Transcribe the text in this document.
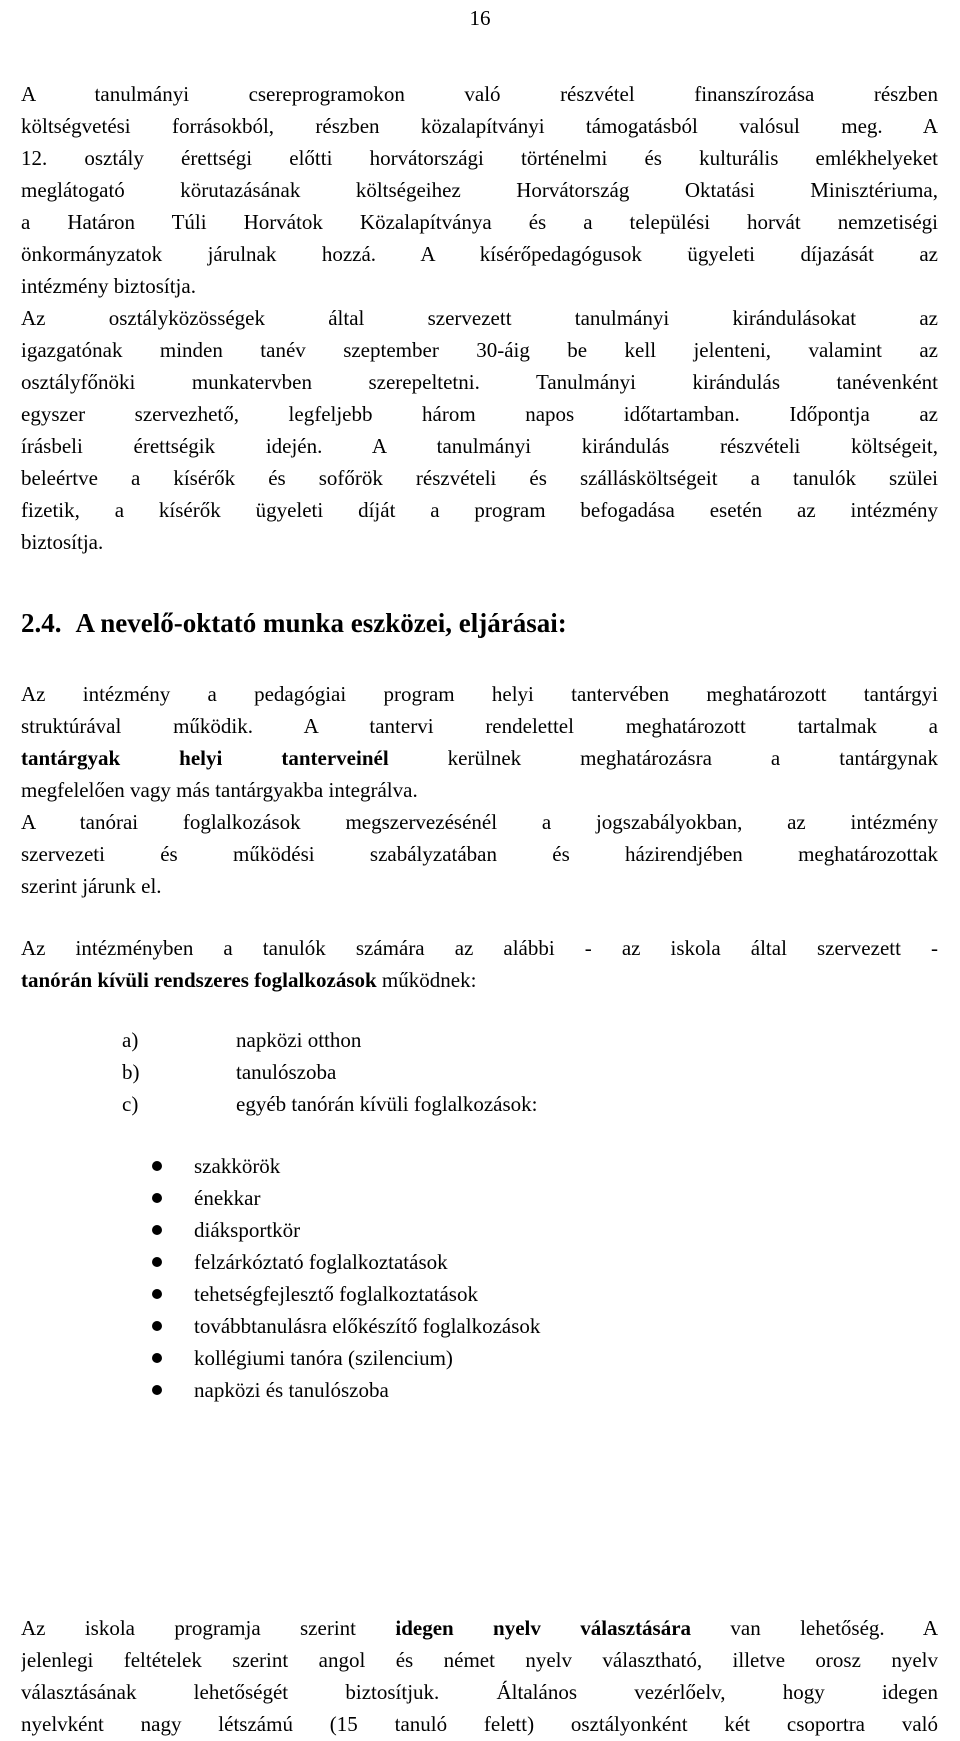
16
A tanulmányi csereprogramokon való részvétel finanszírozása részben
költségvetési forrásokból, részben közalapítványi támogatásból valósul meg. A
12. osztály érettségi előtti horvátországi történelmi és kulturális emlékhelyeket
meglátogató körutazásának költségeihez Horvátország Oktatási Minisztériuma,
a Határon Túli Horvátok Közalapítványa és a települési horvát nemzetiségi
önkormányzatok járulnak hozzá. A kísérőpedagógusok ügyeleti díjazását az
intézmény biztosítja.
Az osztályközösségek által szervezett tanulmányi kirándulásokat az
igazgatónak minden tanév szeptember 30-áig be kell jelenteni, valamint az
osztályfőnöki munkatervben szerepeltetni. Tanulmányi kirándulás tanévenként
egyszer szervezhető, legfeljebb három napos időtartamban. Időpontja az
írásbeli érettségik idején. A tanulmányi kirándulás részvételi költségeit,
beleértve a kísérők és sofőrök részvételi és szállásköltségeit a tanulók szülei
fizetik, a kísérők ügyeleti díját a program befogadása esetén az intézmény
biztosítja.
2.4. A nevelő-oktató munka eszközei, eljárásai:
Az intézmény a pedagógiai program helyi tantervében meghatározott tantárgyi
struktúrával működik. A tantervi rendelettel meghatározott tartalmak a
tantárgyak helyi tanterveinél kerülnek meghatározásra a tantárgynak
megfelelően vagy más tantárgyakba integrálva.
A tanórai foglalkozások megszervezésénél a jogszabályokban, az intézmény
szervezeti és működési szabályzatában és házirendjében meghatározottak
szerint járunk el.
Az intézményben a tanulók számára az alábbi - az iskola által szervezett -
tanórán kívüli rendszeres foglalkozások működnek:
a)	napközi otthon
b)	tanulószoba
c)	egyéb tanórán kívüli foglalkozások:
szakkörök
énekkar
diáksportkör
felzárkóztató foglalkoztatások
tehetségfejlesztő foglalkoztatások
továbbtanulásra előkészítő foglalkozások
kollégiumi tanóra (szilencium)
napközi és tanulószoba
Az iskola programja szerint idegen nyelv választására van lehetőség. A
jelenlegi feltételek szerint angol és német nyelv választható, illetve orosz nyelv
választásának lehetőségét biztosítjuk. Általános vezérlőelv, hogy idegen
nyelvként nagy létszámú (15 tanuló felett) osztályonként két csoportra való
